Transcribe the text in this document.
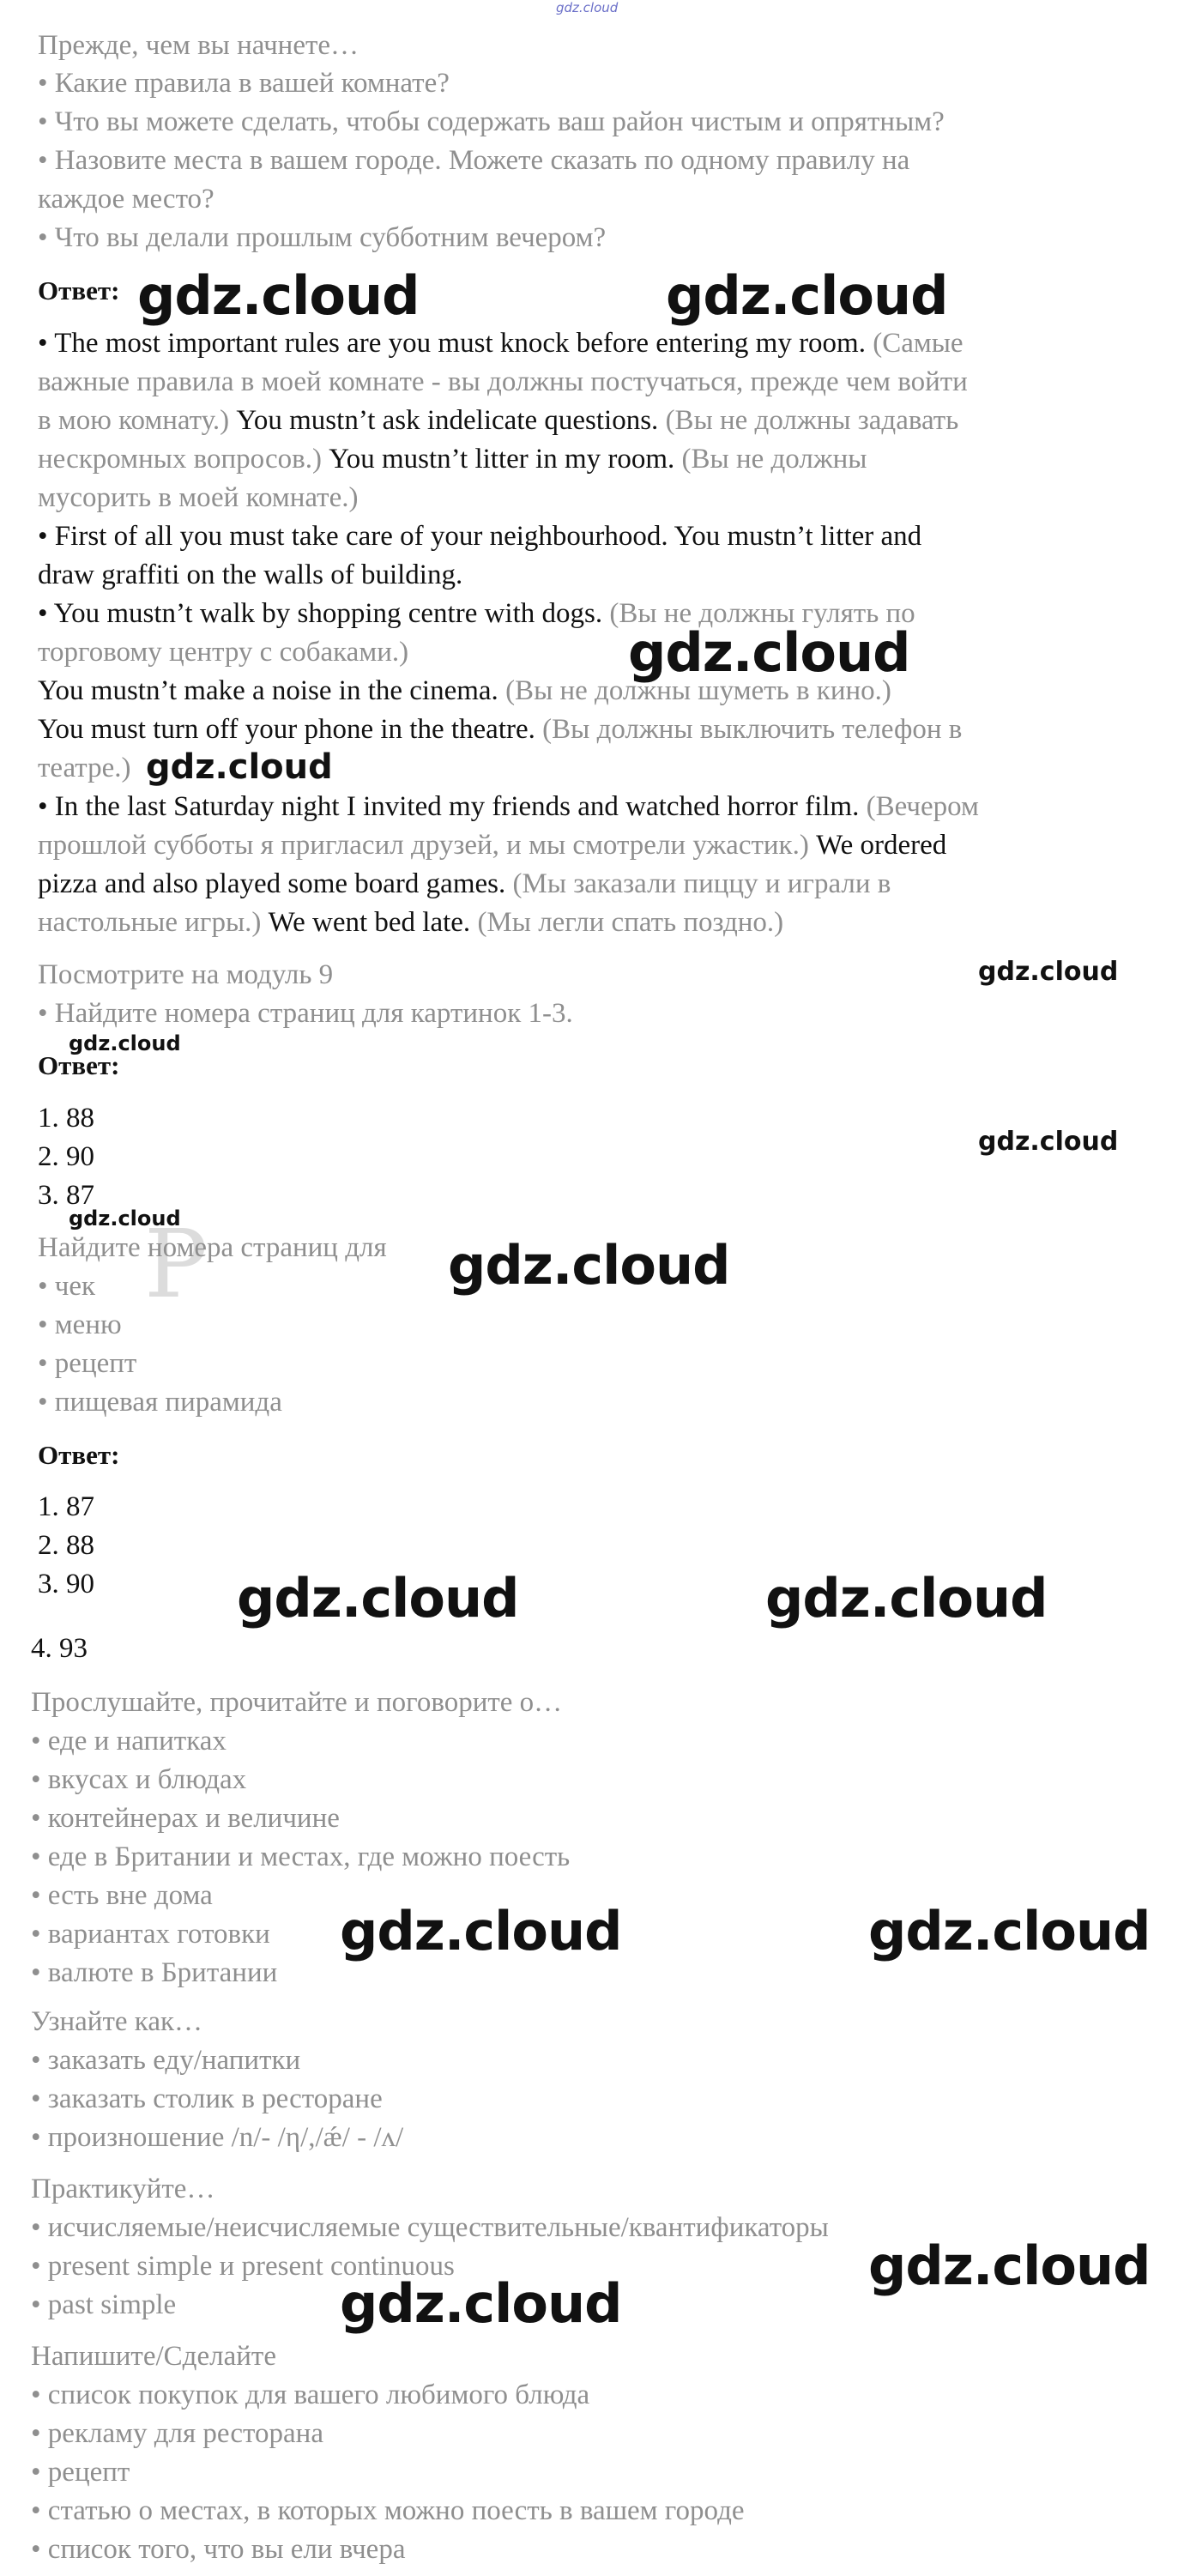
gdz.cloud
Прежде, чем вы начнете…
• Какие правила в вашей комнате?
• Что вы можете сделать, чтобы содержать ваш район чистым и опрятным?
• Назовите места в вашем городе. Можете сказать по одному правилу на
каждое место?
• Что вы делали прошлым субботним вечером?
Ответ:
• The most important rules are you must knock before entering my room. (Самые
важные правила в моей комнате - вы должны постучаться, прежде чем войти
в мою комнату.) You mustn’t ask indelicate questions. (Вы не должны задавать
нескромных вопросов.) You mustn’t litter in my room. (Вы не должны
мусорить в моей комнате.)
• First of all you must take care of your neighbourhood. You mustn’t litter and
draw graffiti on the walls of building.
• You mustn’t walk by shopping centre with dogs. (Вы не должны гулять по
торговому центру с собаками.)
You mustn’t make a noise in the cinema. (Вы не должны шуметь в кино.)
You must turn off your phone in the theatre. (Вы должны выключить телефон в
театре.)
• In the last Saturday night I invited my friends and watched horror film. (Вечером
прошлой субботы я пригласил друзей, и мы смотрели ужастик.) We ordered
pizza and also played some board games. (Мы заказали пиццу и играли в
настольные игры.) We went bed late. (Мы легли спать поздно.)
Посмотрите на модуль 9
• Найдите номера страниц для картинок 1-3.
Ответ:
1. 88
2. 90
3. 87
P
Найдите номера страниц для
• чек
• меню
• рецепт
• пищевая пирамида
Ответ:
1. 87
2. 88
3. 90
4. 93
Прослушайте, прочитайте и поговорите о…
• еде и напитках
• вкусах и блюдах
• контейнерах и величине
• еде в Британии и местах, где можно поесть
• есть вне дома
• вариантах готовки
• валюте в Британии
Узнайте как…
• заказать еду/напитки
• заказать столик в ресторане
• произношение /n/- /η/,/ǽ/ - /ʌ/
Практикуйте…
• исчисляемые/неисчисляемые существительные/квантификаторы
• present simple и present continuous
• past simple
Напишите/Сделайте
• список покупок для вашего любимого блюда
• рекламу для ресторана
• рецепт
• статью о местах, в которых можно поесть в вашем городе
• список того, что вы ели вчера
gdz.cloud	gdz.cloud
gdz.cloud
gdz.cloud
gdz.cloud
gdz.cloud
gdz.cloud
gdz.cloud
gdz.cloud
gdz.cloud	gdz.cloud
gdz.cloud	gdz.cloud
gdz.cloud
gdz.cloud
